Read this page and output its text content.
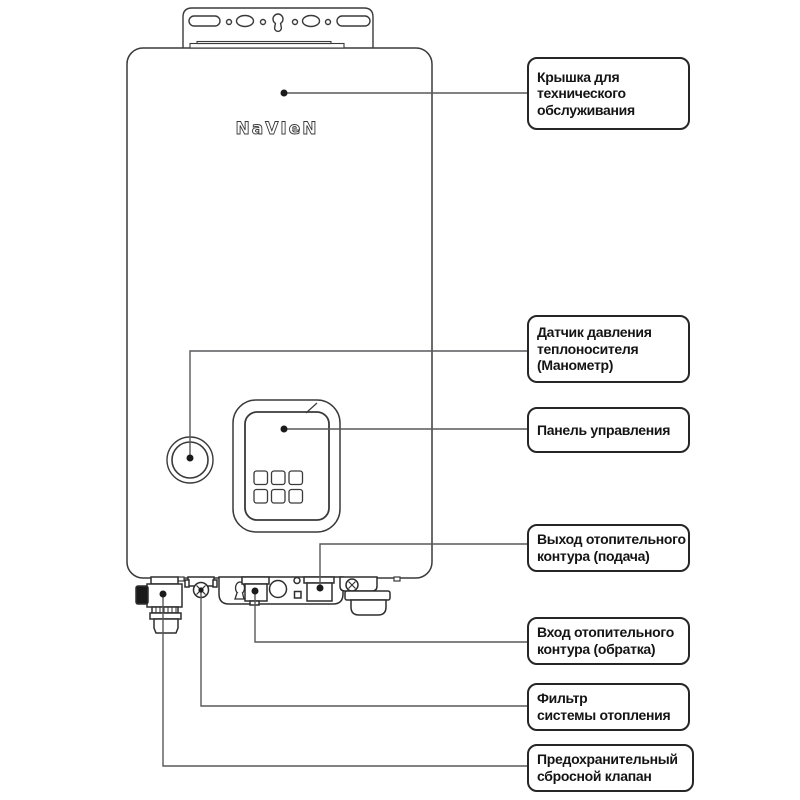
NaVIeN
Крышка для
технического
обслуживания
Датчик давления
теплоносителя
(Манометр)
Панель управления
Выход отопительного
контура (подача)
Вход отопительного
контура (обратка)
Фильтр
системы отопления
Предохранительный
сбросной клапан
